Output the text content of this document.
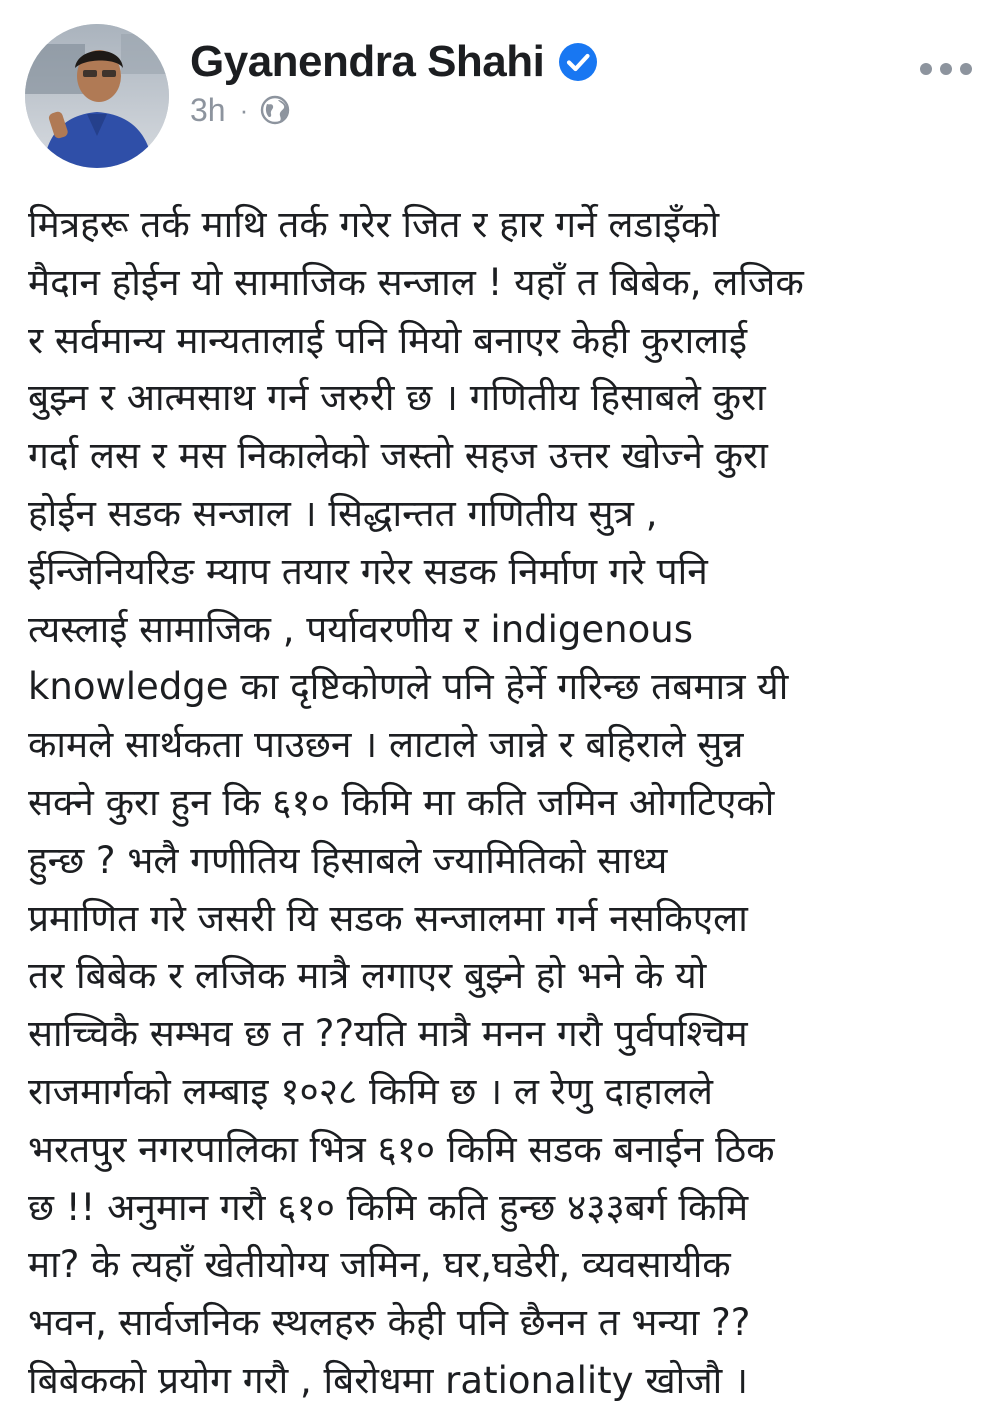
Gyanendra Shahi
3h ·
मित्रहरू तर्क माथि तर्क गरेर जित र हार गर्ने लडाइँको
मैदान होईन यो सामाजिक सन्जाल ! यहाँ त बिबेक, लजिक
र सर्वमान्य मान्यतालाई पनि मियो बनाएर केही कुरालाई
बुझ्न र आत्मसाथ गर्न जरुरी छ । गणितीय हिसाबले कुरा
गर्दा लस र मस निकालेको जस्तो सहज उत्तर खोज्ने कुरा
होईन सडक सन्जाल । सिद्धान्तत गणितीय सुत्र ,
ईन्जिनियरिङ म्याप तयार गरेर सडक निर्माण गरे पनि
त्यस्लाई सामाजिक , पर्यावरणीय र indigenous
knowledge का दृष्टिकोणले पनि हेर्ने गरिन्छ तबमात्र यी
कामले सार्थकता पाउछन । लाटाले जान्ने र बहिराले सुन्न
सक्ने कुरा हुन कि ६१० किमि मा कति जमिन ओगटिएको
हुन्छ ? भलै गणीतिय हिसाबले ज्यामितिको साध्य
प्रमाणित गरे जसरी यि सडक सन्जालमा गर्न नसकिएला
तर बिबेक र लजिक मात्रै लगाएर बुझ्ने हो भने के यो
साच्चिकै सम्भव छ त ??यति मात्रै मनन गरौ पुर्वपश्चिम
राजमार्गको लम्बाइ १०२८ किमि छ । ल रेणु दाहालले
भरतपुर नगरपालिका भित्र ६१० किमि सडक बनाईन ठिक
छ !! अनुमान गरौ ६१० किमि कति हुन्छ ४३३बर्ग किमि
मा? के त्यहाँ खेतीयोग्य जमिन, घर,घडेरी, व्यवसायीक
भवन, सार्वजनिक स्थलहरु केही पनि छैनन त भन्या ??
बिबेकको प्रयोग गरौ , बिरोधमा rationality खोजौ ।
